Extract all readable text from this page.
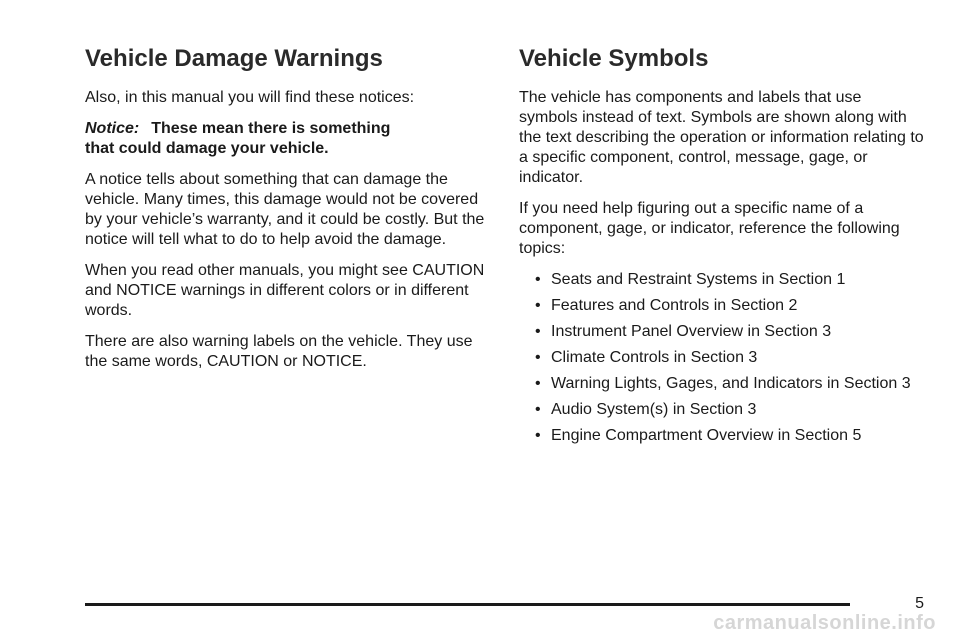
Vehicle Damage Warnings

Also, in this manual you will find these notices:

Notice: These mean there is something
that could damage your vehicle.

A notice tells about something that can damage the vehicle. Many times, this damage would not be covered by your vehicle’s warranty, and it could be costly. But the notice will tell what to do to help avoid the damage.

When you read other manuals, you might see CAUTION and NOTICE warnings in different colors or in different words.

There are also warning labels on the vehicle. They use the same words, CAUTION or NOTICE.

Vehicle Symbols

The vehicle has components and labels that use symbols instead of text. Symbols are shown along with the text describing the operation or information relating to a specific component, control, message, gage, or indicator.

If you need help figuring out a specific name of a component, gage, or indicator, reference the following topics:

• Seats and Restraint Systems in Section 1
• Features and Controls in Section 2
• Instrument Panel Overview in Section 3
• Climate Controls in Section 3
• Warning Lights, Gages, and Indicators in Section 3
• Audio System(s) in Section 3
• Engine Compartment Overview in Section 5
5
carmanualsonline.info
